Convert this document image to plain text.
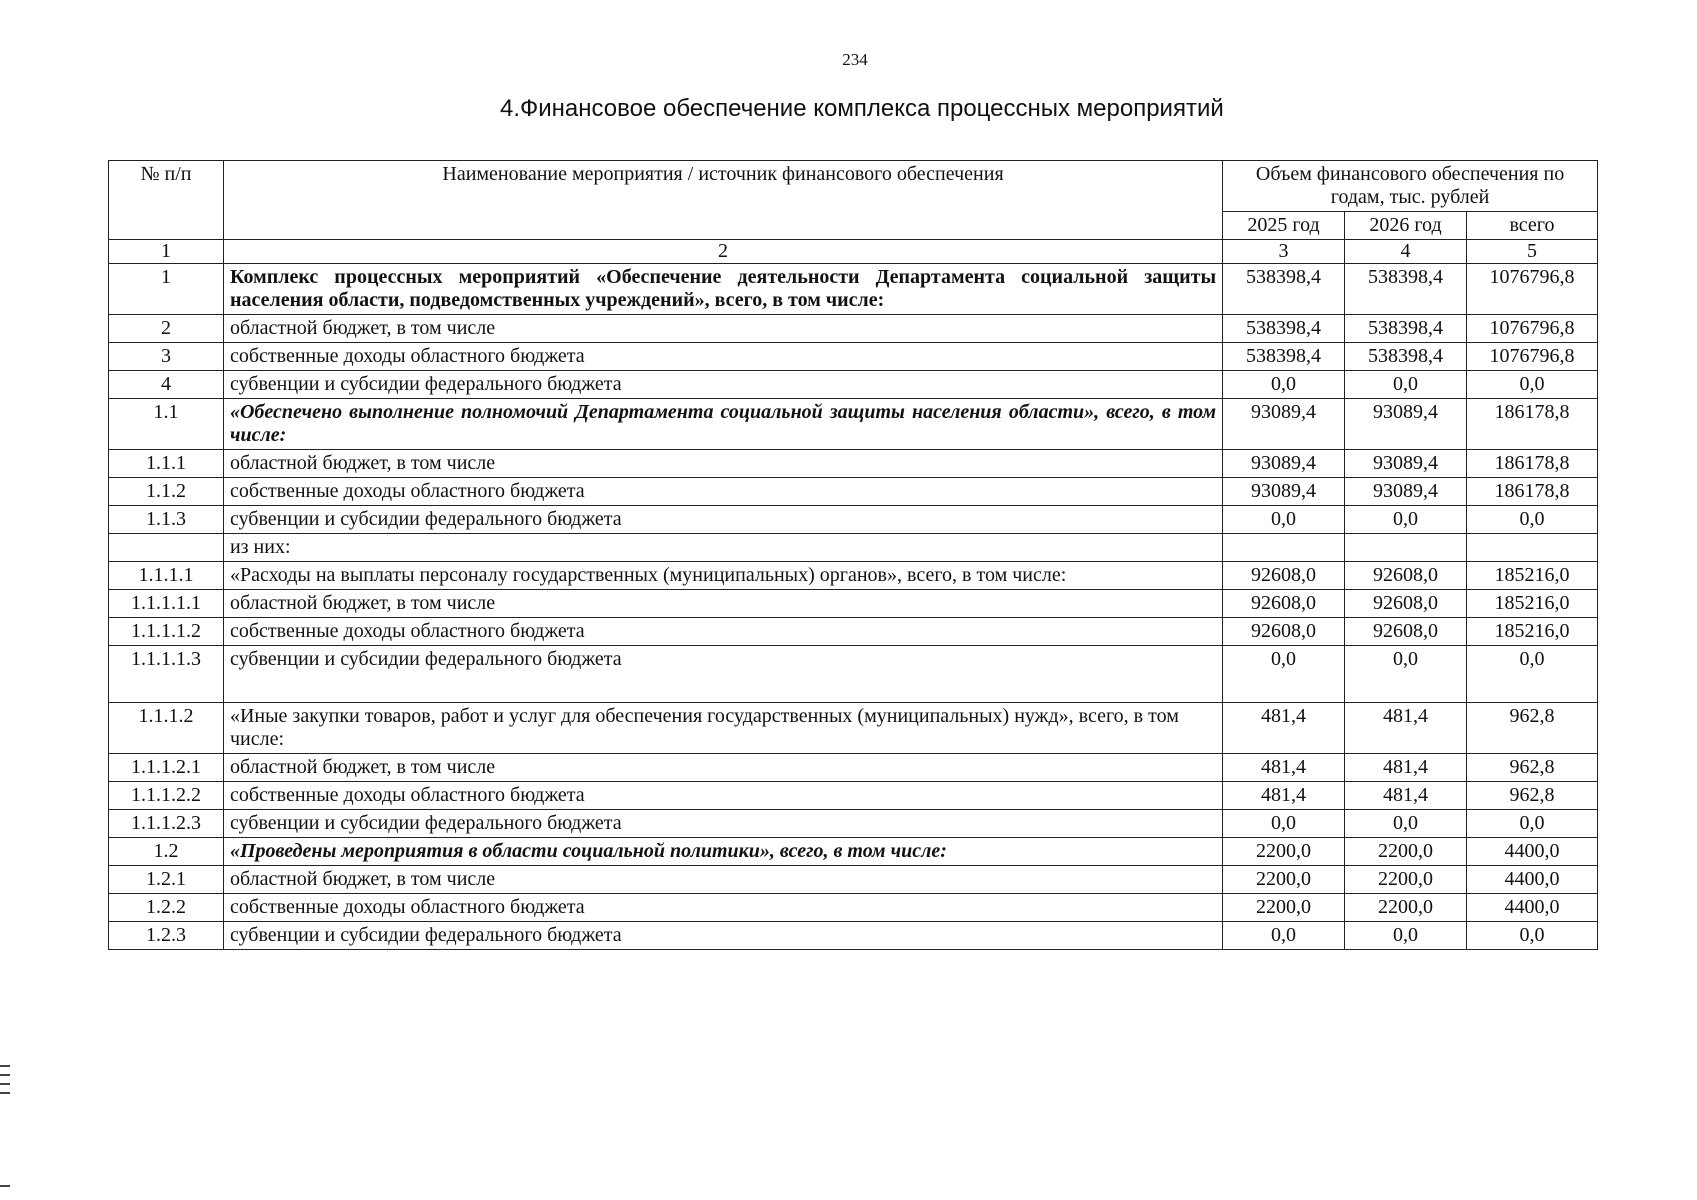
234
4.Финансовое обеспечение комплекса процессных мероприятий
№ п/п	Наименование мероприятия / источник финансового обеспечения	Объем финансового обеспечения по годам, тыс. рублей		
		2025 год	2026 год	всего
1	2	3	4	5
1	Комплекс процессных мероприятий «Обеспечение деятельности Департамента социальной защиты населения области, подведомственных учреждений», всего, в том числе:	538398,4	538398,4	1076796,8
2	областной бюджет, в том числе	538398,4	538398,4	1076796,8
3	собственные доходы областного бюджета	538398,4	538398,4	1076796,8
4	субвенции и субсидии федерального бюджета	0,0	0,0	0,0
1.1	«Обеспечено выполнение полномочий Департамента социальной защиты населения области», всего, в том числе:	93089,4	93089,4	186178,8
1.1.1	областной бюджет, в том числе	93089,4	93089,4	186178,8
1.1.2	собственные доходы областного бюджета	93089,4	93089,4	186178,8
1.1.3	субвенции и субсидии федерального бюджета	0,0	0,0	0,0
	из них:			
1.1.1.1	«Расходы на выплаты персоналу государственных (муниципальных) органов», всего, в том числе:	92608,0	92608,0	185216,0
1.1.1.1.1	областной бюджет, в том числе	92608,0	92608,0	185216,0
1.1.1.1.2	собственные доходы областного бюджета	92608,0	92608,0	185216,0
1.1.1.1.3	субвенции и субсидии федерального бюджета	0,0	0,0	0,0
1.1.1.2	«Иные закупки товаров, работ и услуг для обеспечения государственных (муниципальных) нужд», всего, в том числе:	481,4	481,4	962,8
1.1.1.2.1	областной бюджет, в том числе	481,4	481,4	962,8
1.1.1.2.2	собственные доходы областного бюджета	481,4	481,4	962,8
1.1.1.2.3	субвенции и субсидии федерального бюджета	0,0	0,0	0,0
1.2	«Проведены мероприятия в области социальной политики», всего, в том числе:	2200,0	2200,0	4400,0
1.2.1	областной бюджет, в том числе	2200,0	2200,0	4400,0
1.2.2	собственные доходы областного бюджета	2200,0	2200,0	4400,0
1.2.3	субвенции и субсидии федерального бюджета	0,0	0,0	0,0
